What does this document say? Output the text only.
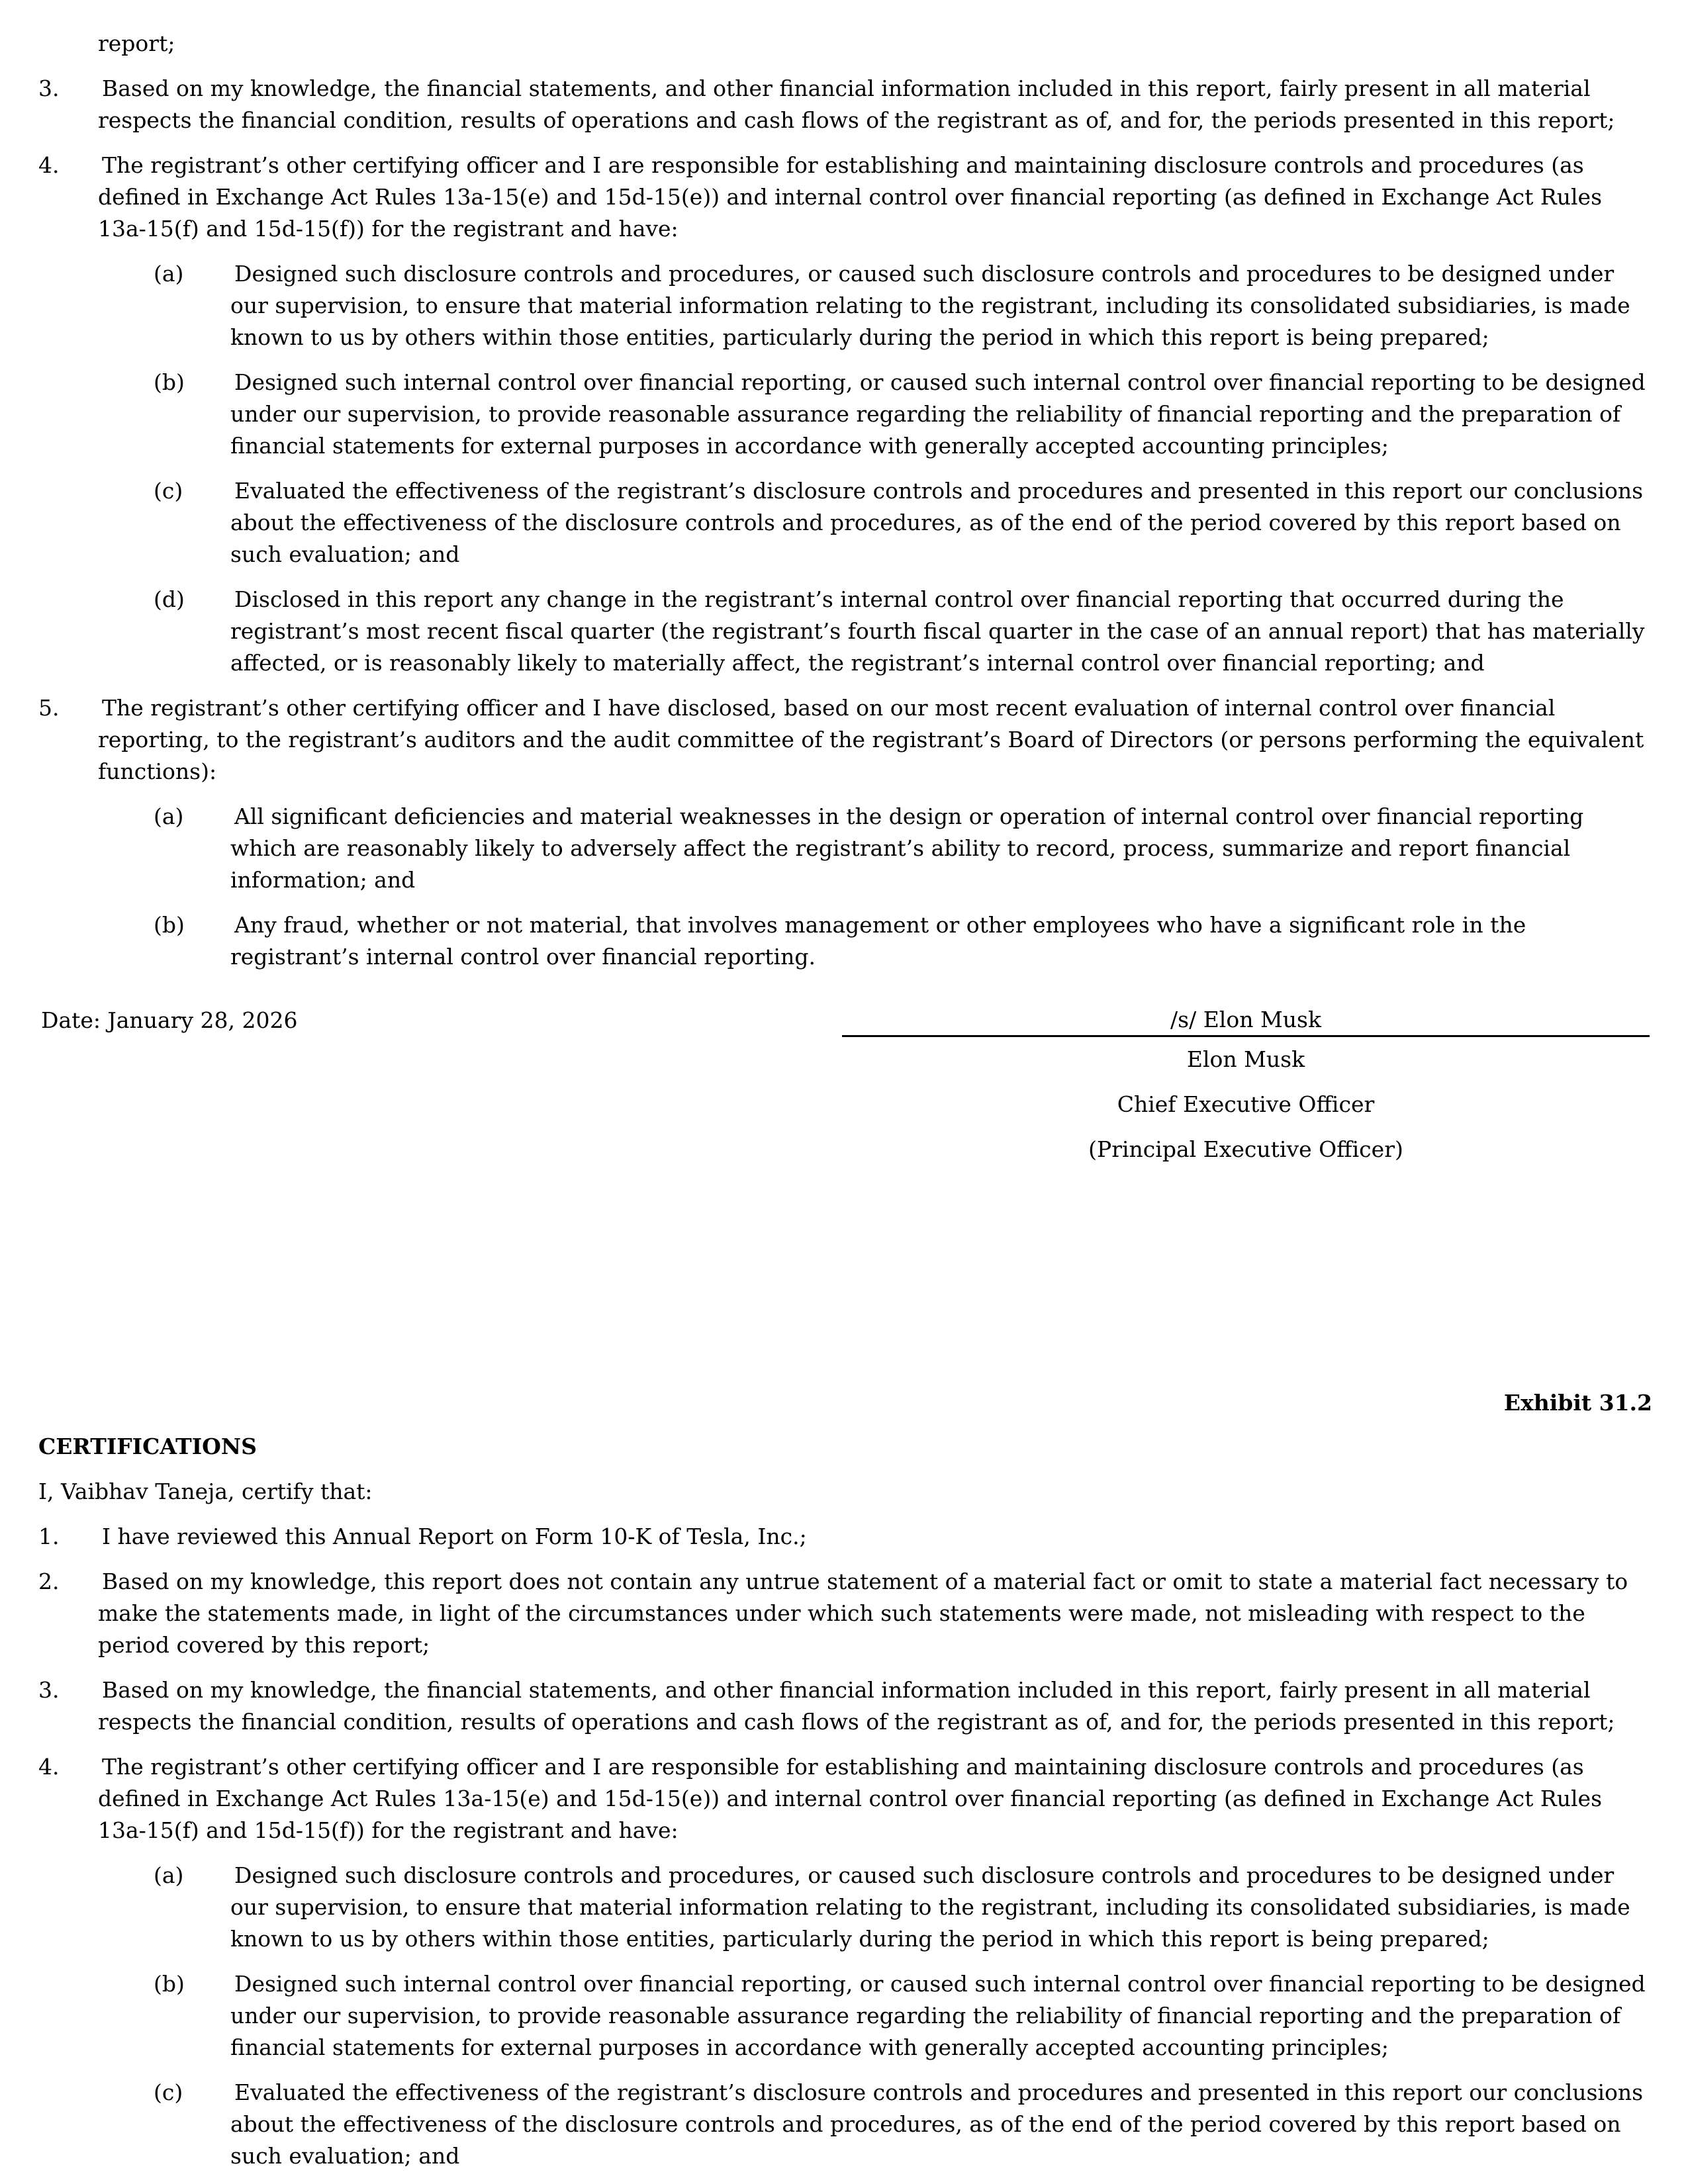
report;

3. Based on my knowledge, the financial statements, and other financial information included in this report, fairly present in all material respects the financial condition, results of operations and cash flows of the registrant as of, and for, the periods presented in this report;
4. The registrant’s other certifying officer and I are responsible for establishing and maintaining disclosure controls and procedures (as defined in Exchange Act Rules 13a-15(e) and 15d-15(e)) and internal control over financial reporting (as defined in Exchange Act Rules 13a-15(f) and 15d-15(f)) for the registrant and have:
(a) Designed such disclosure controls and procedures, or caused such disclosure controls and procedures to be designed under our supervision, to ensure that material information relating to the registrant, including its consolidated subsidiaries, is made known to us by others within those entities, particularly during the period in which this report is being prepared;
(b) Designed such internal control over financial reporting, or caused such internal control over financial reporting to be designed under our supervision, to provide reasonable assurance regarding the reliability of financial reporting and the preparation of financial statements for external purposes in accordance with generally accepted accounting principles;
(c) Evaluated the effectiveness of the registrant’s disclosure controls and procedures and presented in this report our conclusions about the effectiveness of the disclosure controls and procedures, as of the end of the period covered by this report based on such evaluation; and
(d) Disclosed in this report any change in the registrant’s internal control over financial reporting that occurred during the registrant’s most recent fiscal quarter (the registrant’s fourth fiscal quarter in the case of an annual report) that has materially affected, or is reasonably likely to materially affect, the registrant’s internal control over financial reporting; and
5. The registrant’s other certifying officer and I have disclosed, based on our most recent evaluation of internal control over financial reporting, to the registrant’s auditors and the audit committee of the registrant’s Board of Directors (or persons performing the equivalent functions):
(a) All significant deficiencies and material weaknesses in the design or operation of internal control over financial reporting which are reasonably likely to adversely affect the registrant’s ability to record, process, summarize and report financial information; and
(b) Any fraud, whether or not material, that involves management or other employees who have a significant role in the registrant’s internal control over financial reporting.
Date: January 28, 2026	/s/ Elon Musk
Elon Musk
Chief Executive Officer
(Principal Executive Officer)

Exhibit 31.2

CERTIFICATIONS

I, Vaibhav Taneja, certify that:

1. I have reviewed this Annual Report on Form 10-K of Tesla, Inc.;
2. Based on my knowledge, this report does not contain any untrue statement of a material fact or omit to state a material fact necessary to make the statements made, in light of the circumstances under which such statements were made, not misleading with respect to the period covered by this report;
3. Based on my knowledge, the financial statements, and other financial information included in this report, fairly present in all material respects the financial condition, results of operations and cash flows of the registrant as of, and for, the periods presented in this report;
4. The registrant’s other certifying officer and I are responsible for establishing and maintaining disclosure controls and procedures (as defined in Exchange Act Rules 13a-15(e) and 15d-15(e)) and internal control over financial reporting (as defined in Exchange Act Rules 13a-15(f) and 15d-15(f)) for the registrant and have:
(a) Designed such disclosure controls and procedures, or caused such disclosure controls and procedures to be designed under our supervision, to ensure that material information relating to the registrant, including its consolidated subsidiaries, is made known to us by others within those entities, particularly during the period in which this report is being prepared;
(b) Designed such internal control over financial reporting, or caused such internal control over financial reporting to be designed under our supervision, to provide reasonable assurance regarding the reliability of financial reporting and the preparation of financial statements for external purposes in accordance with generally accepted accounting principles;
(c) Evaluated the effectiveness of the registrant’s disclosure controls and procedures and presented in this report our conclusions about the effectiveness of the disclosure controls and procedures, as of the end of the period covered by this report based on such evaluation; and
